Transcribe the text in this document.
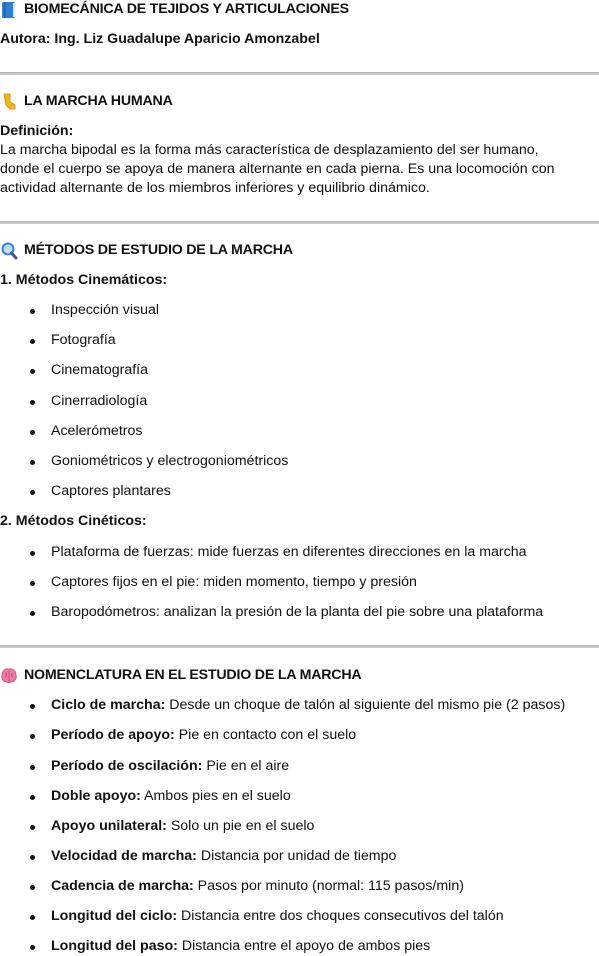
BIOMECÁNICA DE TEJIDOS Y ARTICULACIONES
Autora: Ing. Liz Guadalupe Aparicio Amonzabel
LA MARCHA HUMANA
Definición:
La marcha bipodal es la forma más característica de desplazamiento del ser humano,
donde el cuerpo se apoya de manera alternante en cada pierna. Es una locomoción con
actividad alternante de los miembros inferiores y equilibrio dinámico.
MÉTODOS DE ESTUDIO DE LA MARCHA
1. Métodos Cinemáticos:
Inspección visual
Fotografía
Cinematografía
Cinerradiología
Acelerómetros
Goniométricos y electrogoniométricos
Captores plantares
2. Métodos Cinéticos:
Plataforma de fuerzas: mide fuerzas en diferentes direcciones en la marcha
Captores fijos en el pie: miden momento, tiempo y presión
Baropodómetros: analizan la presión de la planta del pie sobre una plataforma
NOMENCLATURA EN EL ESTUDIO DE LA MARCHA
Ciclo de marcha: Desde un choque de talón al siguiente del mismo pie (2 pasos)
Período de apoyo: Pie en contacto con el suelo
Período de oscilación: Pie en el aire
Doble apoyo: Ambos pies en el suelo
Apoyo unilateral: Solo un pie en el suelo
Velocidad de marcha: Distancia por unidad de tiempo
Cadencia de marcha: Pasos por minuto (normal: 115 pasos/min)
Longitud del ciclo: Distancia entre dos choques consecutivos del talón
Longitud del paso: Distancia entre el apoyo de ambos pies
